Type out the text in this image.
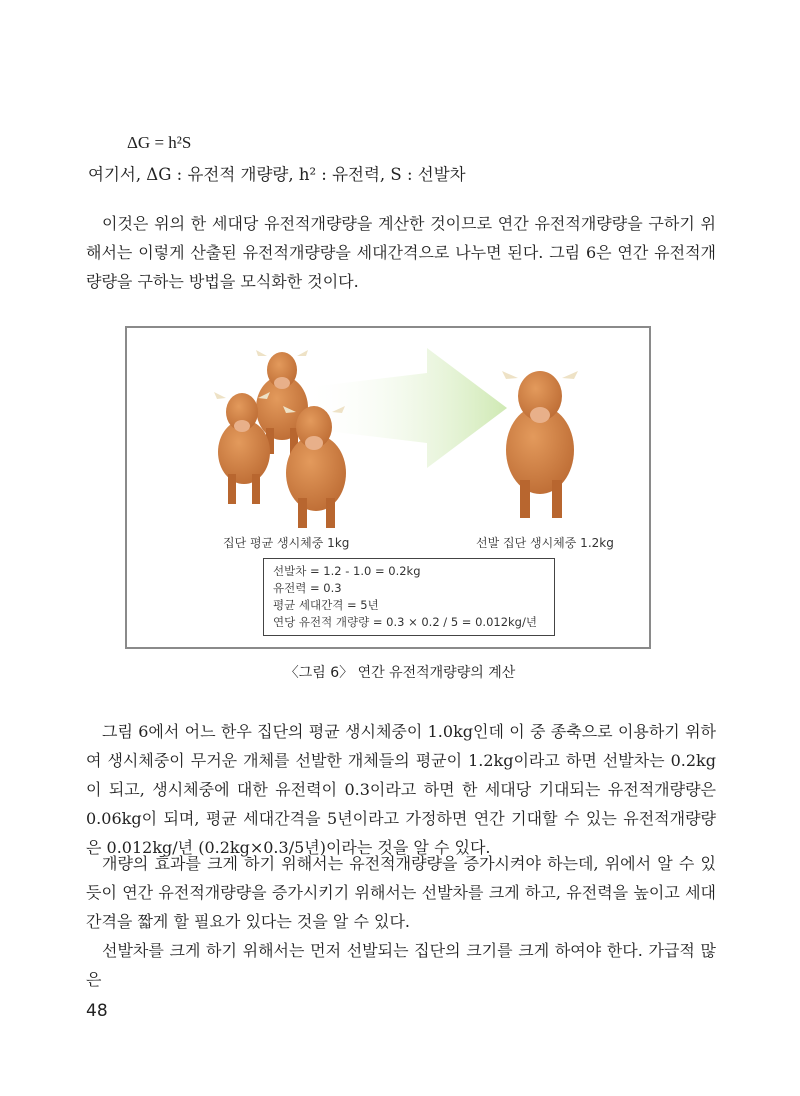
ΔG = h²S
여기서, ΔG : 유전적 개량량, h² : 유전력, S : 선발차

이것은 위의 한 세대당 유전적개량량을 계산한 것이므로 연간 유전적개량량을 구하기 위해서는 이렇게 산출된 유전적개량량을 세대간격으로 나누면 된다. 그림 6은 연간 유전적개량량을 구하는 방법을 모식화한 것이다.

집단 평균 생시체중 1kg	선발 집단 생시체중 1.2kg
선발차 = 1.2 - 1.0 = 0.2kg
유전력 = 0.3
평균 세대간격 = 5년
연당 유전적 개량량 = 0.3 × 0.2 / 5 = 0.012kg/년
〈그림 6〉 연간 유전적개량량의 계산

그림 6에서 어느 한우 집단의 평균 생시체중이 1.0kg인데 이 중 종축으로 이용하기 위하여 생시체중이 무거운 개체를 선발한 개체들의 평균이 1.2kg이라고 하면 선발차는 0.2kg이 되고, 생시체중에 대한 유전력이 0.3이라고 하면 한 세대당 기대되는 유전적개량량은 0.06kg이 되며, 평균 세대간격을 5년이라고 가정하면 연간 기대할 수 있는 유전적개량량은 0.012kg/년 (0.2kg×0.3/5년)이라는 것을 알 수 있다.

개량의 효과를 크게 하기 위해서는 유전적개량량을 증가시켜야 하는데, 위에서 알 수 있듯이 연간 유전적개량량을 증가시키기 위해서는 선발차를 크게 하고, 유전력을 높이고 세대간격을 짧게 할 필요가 있다는 것을 알 수 있다.

선발차를 크게 하기 위해서는 먼저 선발되는 집단의 크기를 크게 하여야 한다. 가급적 많은

48
